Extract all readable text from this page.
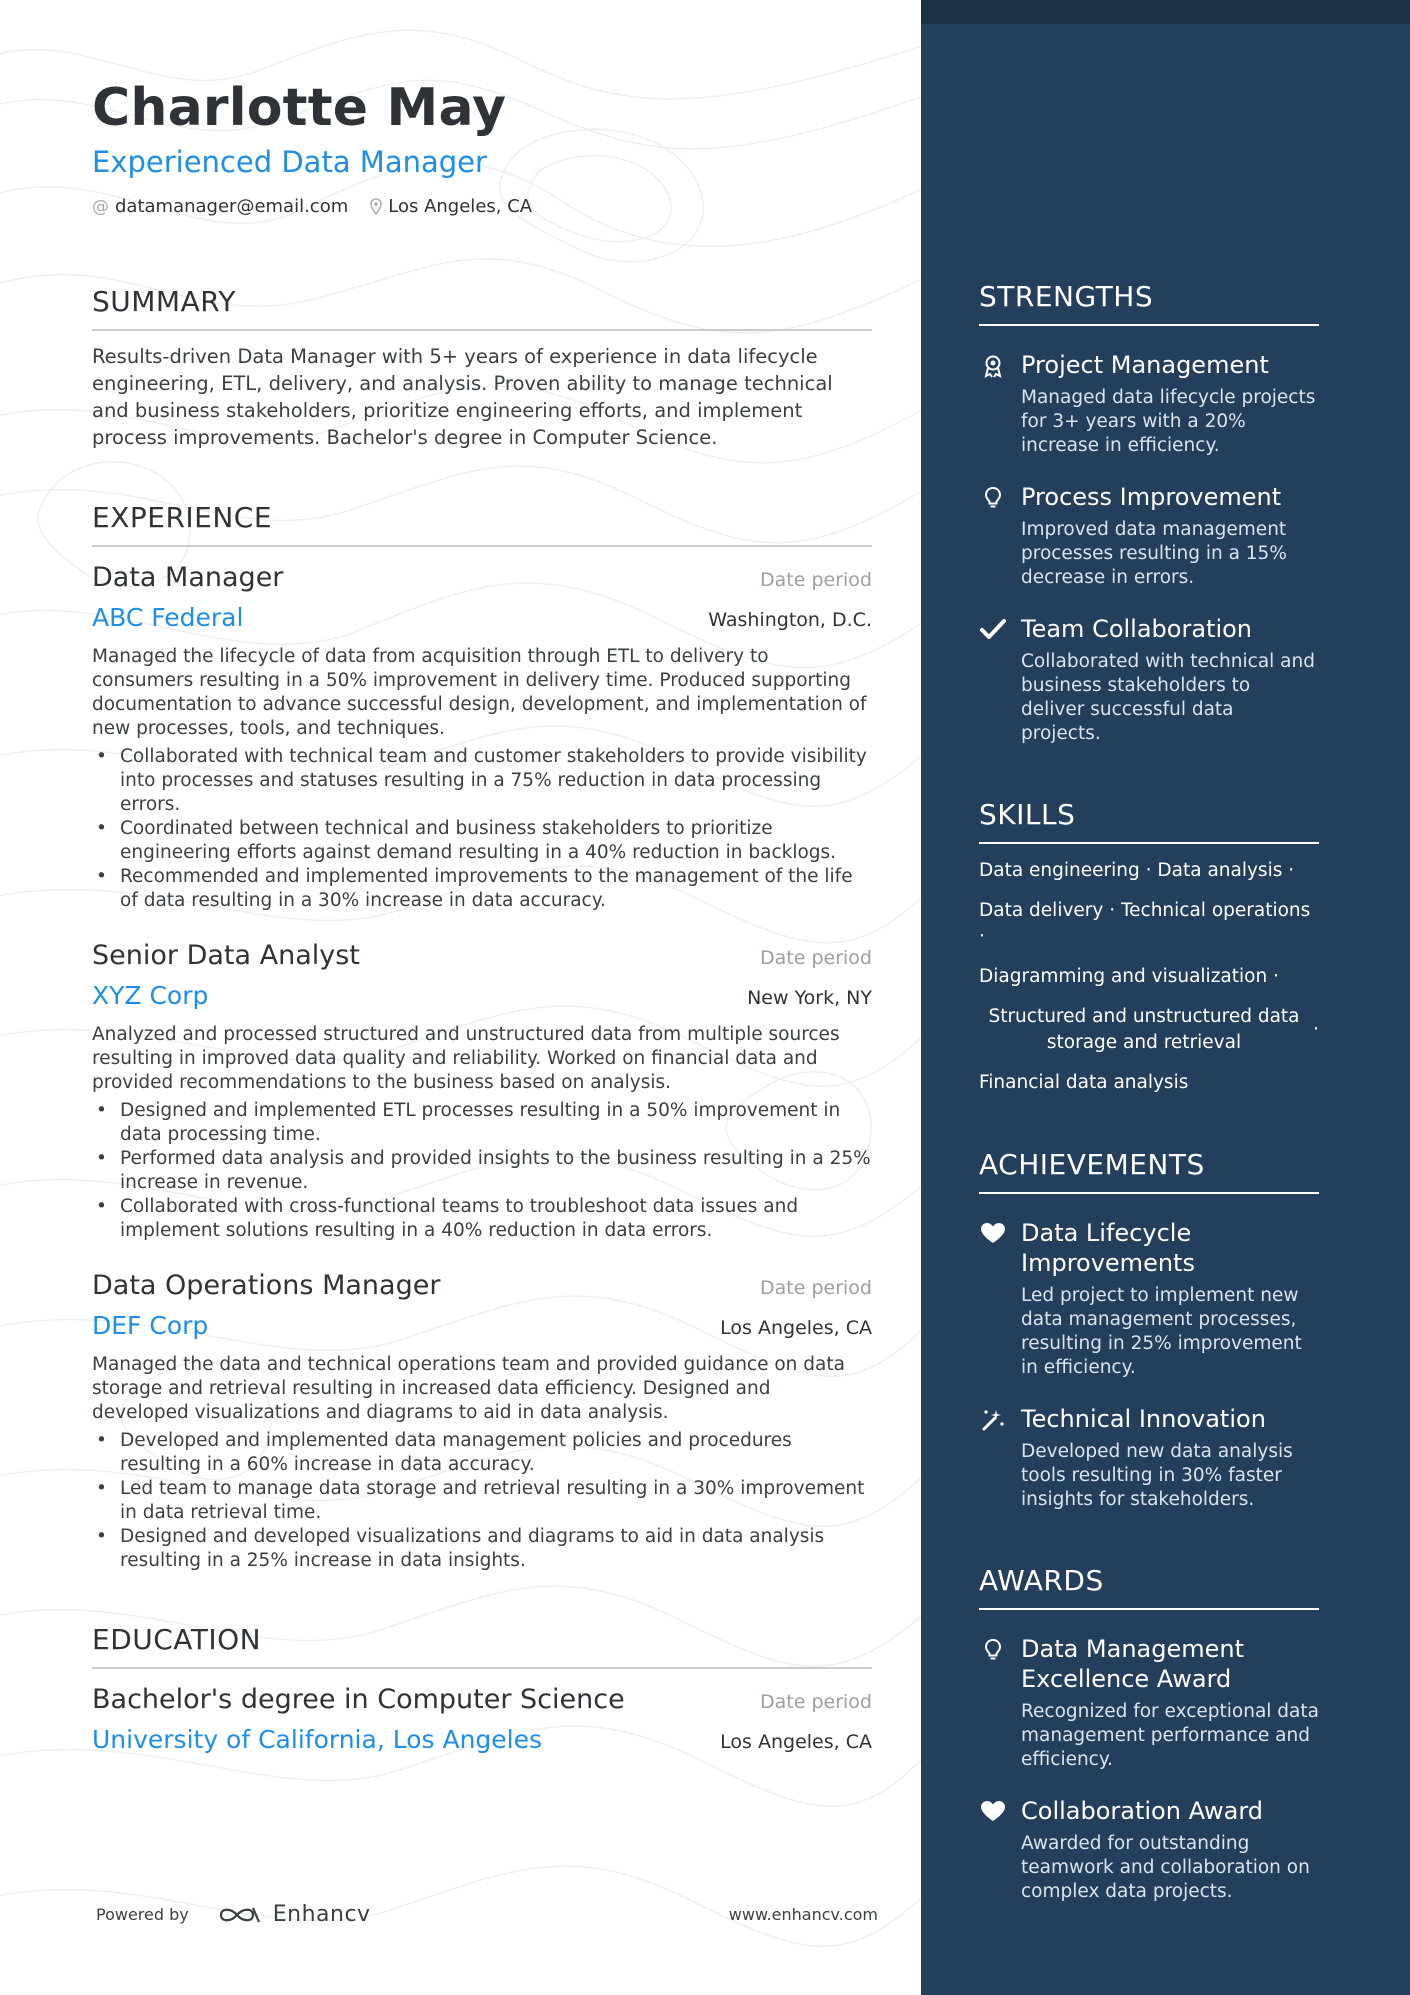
Charlotte May
Experienced Data Manager
@ datamanager@email.com Los Angeles, CA
SUMMARY
Results-driven Data Manager with 5+ years of experience in data lifecycle engineering, ETL, delivery, and analysis. Proven ability to manage technical and business stakeholders, prioritize engineering efforts, and implement process improvements. Bachelor's degree in Computer Science.
EXPERIENCE
Data Manager	Date period
ABC Federal	Washington, D.C.
Managed the lifecycle of data from acquisition through ETL to delivery to consumers resulting in a 50% improvement in delivery time. Produced supporting documentation to advance successful design, development, and implementation of new processes, tools, and techniques.
• Collaborated with technical team and customer stakeholders to provide visibility into processes and statuses resulting in a 75% reduction in data processing errors.
• Coordinated between technical and business stakeholders to prioritize engineering efforts against demand resulting in a 40% reduction in backlogs.
• Recommended and implemented improvements to the management of the life of data resulting in a 30% increase in data accuracy.
Senior Data Analyst	Date period
XYZ Corp	New York, NY
Analyzed and processed structured and unstructured data from multiple sources resulting in improved data quality and reliability. Worked on financial data and provided recommendations to the business based on analysis.
• Designed and implemented ETL processes resulting in a 50% improvement in data processing time.
• Performed data analysis and provided insights to the business resulting in a 25% increase in revenue.
• Collaborated with cross-functional teams to troubleshoot data issues and implement solutions resulting in a 40% reduction in data errors.
Data Operations Manager	Date period
DEF Corp	Los Angeles, CA
Managed the data and technical operations team and provided guidance on data storage and retrieval resulting in increased data efficiency. Designed and developed visualizations and diagrams to aid in data analysis.
• Developed and implemented data management policies and procedures resulting in a 60% increase in data accuracy.
• Led team to manage data storage and retrieval resulting in a 30% improvement in data retrieval time.
• Designed and developed visualizations and diagrams to aid in data analysis resulting in a 25% increase in data insights.
EDUCATION
Bachelor's degree in Computer Science	Date period
University of California, Los Angeles	Los Angeles, CA
Powered by	Enhancv	www.enhancv.com
STRENGTHS
Project Management
Managed data lifecycle projects for 3+ years with a 20% increase in efficiency.
Process Improvement
Improved data management processes resulting in a 15% decrease in errors.
Team Collaboration
Collaborated with technical and business stakeholders to deliver successful data projects.
SKILLS
Data engineering · Data analysis ·
Data delivery · Technical operations ·
Diagramming and visualization ·
Structured and unstructured data storage and retrieval
·
Financial data analysis
ACHIEVEMENTS
Data Lifecycle Improvements
Led project to implement new data management processes, resulting in 25% improvement in efficiency.
Technical Innovation
Developed new data analysis tools resulting in 30% faster insights for stakeholders.
AWARDS
Data Management Excellence Award
Recognized for exceptional data management performance and efficiency.
Collaboration Award
Awarded for outstanding teamwork and collaboration on complex data projects.
